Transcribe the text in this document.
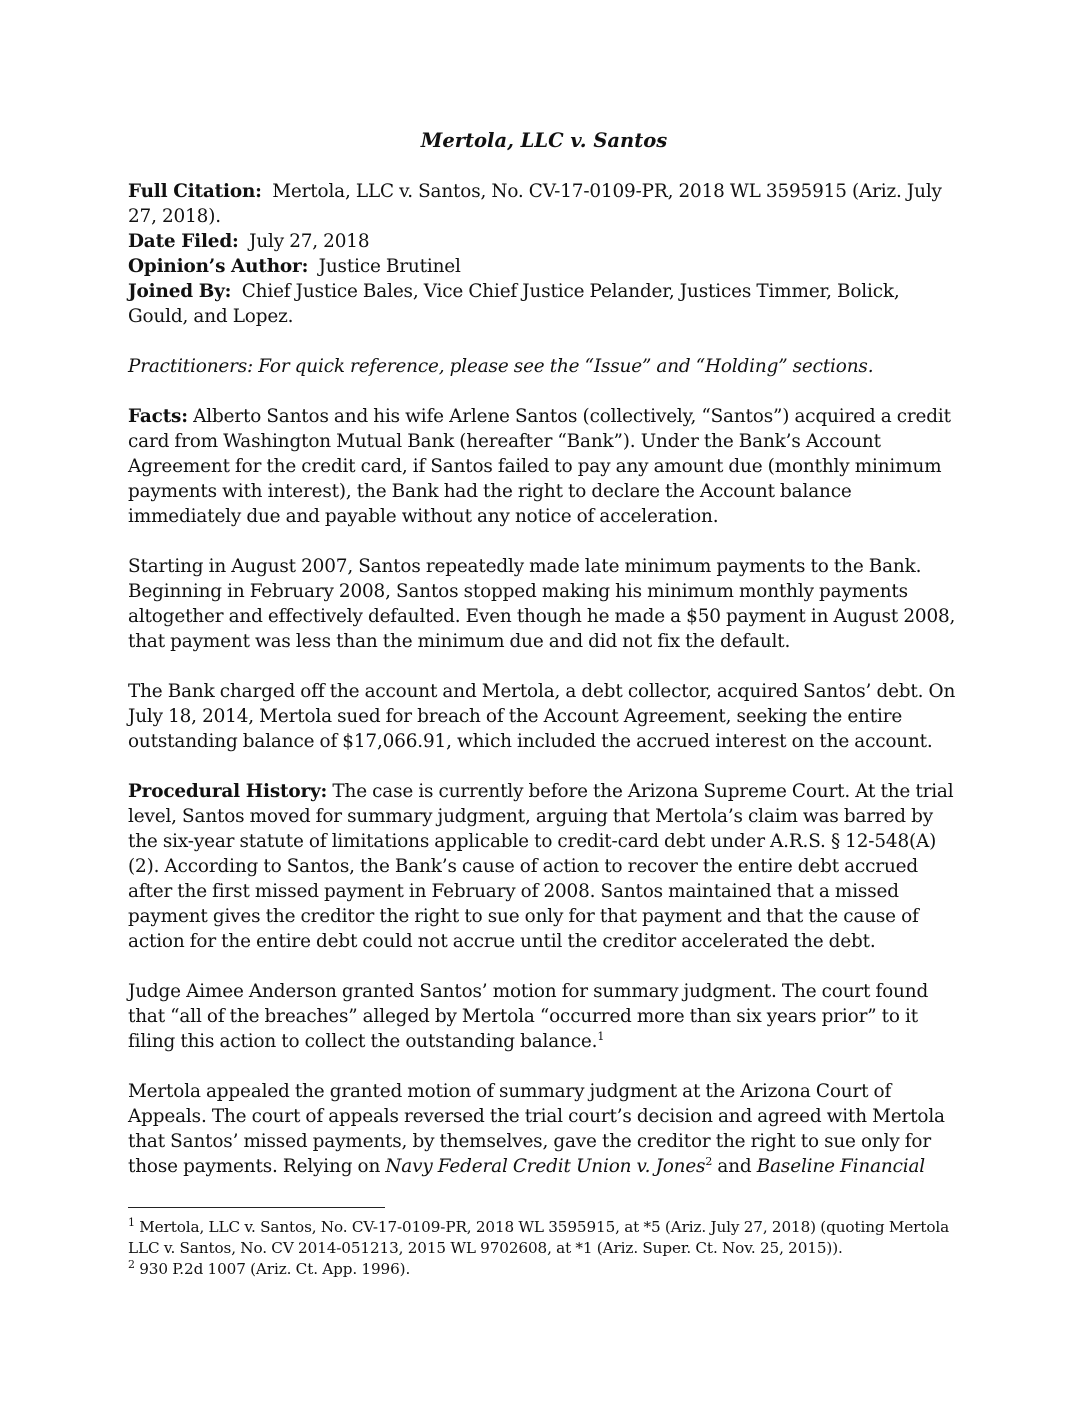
Mertola, LLC v. Santos

Full Citation: Mertola, LLC v. Santos, No. CV-17-0109-PR, 2018 WL 3595915 (Ariz. July 27, 2018).

Date Filed: July 27, 2018

Opinion’s Author: Justice Brutinel

Joined By: Chief Justice Bales, Vice Chief Justice Pelander, Justices Timmer, Bolick, Gould, and Lopez.

Practitioners: For quick reference, please see the “Issue” and “Holding” sections.

Facts: Alberto Santos and his wife Arlene Santos (collectively, “Santos”) acquired a credit card from Washington Mutual Bank (hereafter “Bank”). Under the Bank’s Account Agreement for the credit card, if Santos failed to pay any amount due (monthly minimum payments with interest), the Bank had the right to declare the Account balance immediately due and payable without any notice of acceleration.

Starting in August 2007, Santos repeatedly made late minimum payments to the Bank. Beginning in February 2008, Santos stopped making his minimum monthly payments altogether and effectively defaulted. Even though he made a $50 payment in August 2008, that payment was less than the minimum due and did not fix the default.

The Bank charged off the account and Mertola, a debt collector, acquired Santos’ debt. On July 18, 2014, Mertola sued for breach of the Account Agreement, seeking the entire outstanding balance of $17,066.91, which included the accrued interest on the account.

Procedural History: The case is currently before the Arizona Supreme Court. At the trial level, Santos moved for summary judgment, arguing that Mertola’s claim was barred by the six-year statute of limitations applicable to credit-card debt under A.R.S. § 12-548(A)(2). According to Santos, the Bank’s cause of action to recover the entire debt accrued after the first missed payment in February of 2008. Santos maintained that a missed payment gives the creditor the right to sue only for that payment and that the cause of action for the entire debt could not accrue until the creditor accelerated the debt.

Judge Aimee Anderson granted Santos’ motion for summary judgment. The court found that “all of the breaches” alleged by Mertola “occurred more than six years prior” to it filing this action to collect the outstanding balance.$^1$

Mertola appealed the granted motion of summary judgment at the Arizona Court of Appeals. The court of appeals reversed the trial court’s decision and agreed with Mertola that Santos’ missed payments, by themselves, gave the creditor the right to sue only for those payments. Relying on Navy Federal Credit Union v. Jones$^2$ and Baseline Financial

$^1$ Mertola, LLC v. Santos, No. CV-17-0109-PR, 2018 WL 3595915, at *5 (Ariz. July 27, 2018) (quoting Mertola LLC v. Santos, No. CV 2014-051213, 2015 WL 9702608, at *1 (Ariz. Super. Ct. Nov. 25, 2015)).

$^2$ 930 P.2d 1007 (Ariz. Ct. App. 1996).
